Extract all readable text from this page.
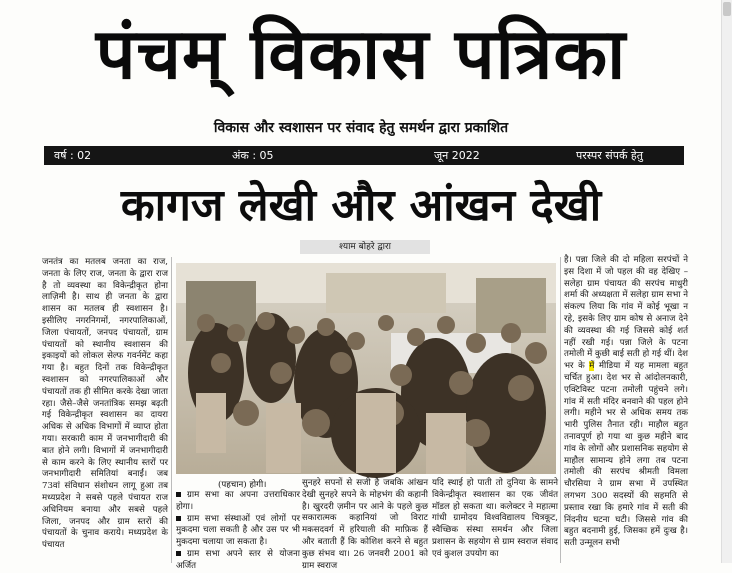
पंचम् विकास पत्रिका
विकास और स्वशासन पर संवाद हेतु समर्थन द्वारा प्रकाशित
वर्ष : 02	अंक : 05	जून 2022	परस्पर संपर्क हेतु
कागज लेखी और आंखन देखी
श्याम बोहरे द्वारा

जनतंत्र का मतलब जनता का राज, जनता के लिए राज, जनता के द्वारा राज है तो व्यवस्था का विकेन्द्रीकृत होना लाज़िमी है। साथ ही जनता के द्वारा शासन का मतलब ही स्वशासन है। इसीलिए नगरनिगमों, नगरपालिकाओं, जिला पंचायतों, जनपद पंचायतों, ग्राम पंचायतों को स्थानीय स्वशासन की इकाइयों को लोकल सेल्फ गवर्नमेंट कहा गया है। बहुत दिनों तक विकेन्द्रीकृत स्वशासन को नगरपालिकाओं और पंचायतों तक ही सीमित करके देखा जाता रहा। जैसे–जैसे जनतांत्रिक समझ बढ़ती गई विकेन्द्रीकृत स्वशासन का दायरा अधिक से अधिक विभागों में व्याप्त होता गया। सरकारी काम में जनभागीदारी की बात होने लगी। विभागों में जनभागीदारी से काम करने के लिए स्थानीय स्तरों पर जनभागीदारी समितियां बनाईं। जब 73वां संविधान संशोधन लागू हुआ तब मध्यप्रदेश ने सबसे पहले पंचायत राज अधिनियम बनाया और सबसे पहले जिला, जनपद और ग्राम स्तरों की पंचायतों के चुनाव कराये। मध्यप्रदेश के पंचायत

(पहचान) होगी।

ग्राम सभा का अपना उत्तराधिकार होगा।

ग्राम सभा संस्थाओं एवं लोगों पर मुकदमा चला सकती है और उस पर भी मुकदमा चलाया जा सकता है।

ग्राम सभा अपने स्तर से योजना अर्जित

सुनहरे सपनों से सजी है जबकि आंखन देखी सुनहरे सपने के मोहभंग की कहानी है। खुरदरी ज़मीन पर आने के पहले कुछ सकारात्मक कहानियां जो विराट मकसदवर्ग में हरियाली की माफ़िक हैं और बताती हैं कि कोशिश करने से बहुत कुछ संभव था। 26 जनवरी 2001 को ग्राम स्वराज

यदि स्थाई हो पाती तो दुनिया के सामने विकेन्द्रीकृत स्वशासन का एक जीवंत मॉडल हो सकता था। कलेक्टर ने महात्मा गांधी ग्रामोदय विश्वविद्यालय चित्रकूट, स्वैच्छिक संस्था समर्थन और जिला प्रशासन के सहयोग से ग्राम स्वराज संवाद एवं कुशल उपयोग का

है। पन्ना जिले की दो महिला सरपंचों ने इस दिशा में जो पहल की वह देखिए – सलेहा ग्राम पंचायत की सरपंच माधुरी शर्मा की अध्यक्षता में सलेहा ग्राम सभा ने संकल्प लिया कि गांव में कोई भूखा न रहे, इसके लिए ग्राम कोष से अनाज देने की व्यवस्था की गई जिससे कोई शर्त नहीं रखी गई। पन्ना जिले के पटना तमोली में कुछी बाई सती हो गई थीं। देश भर के में मीडिया में यह मामला बहुत चर्चित हुआ। देश भर से आंदोलनकारी, एक्टिविस्ट पटना तमोली पहुंचने लगे। गांव में सती मंदिर बनवाने की पहल होने लगी। महीने भर से अधिक समय तक भारी पुलिस तैनात रही। माहौल बहुत तनावपूर्ण हो गया था कुछ महीने बाद गांव के लोगों और प्रशासनिक सहयोग से माहौल सामान्य होने लगा तब पटना तमोली की सरपंच श्रीमती विमला चौरसिया ने ग्राम सभा में उपस्थित लगभग 300 सदस्यों की सहमति से प्रस्ताव रखा कि हमारे गांव में सती की निंदनीय घटना घटी। जिससे गांव की बहुत बदनामी हुई, जिसका हमें दुःख है। सती उन्मूलन सभी
